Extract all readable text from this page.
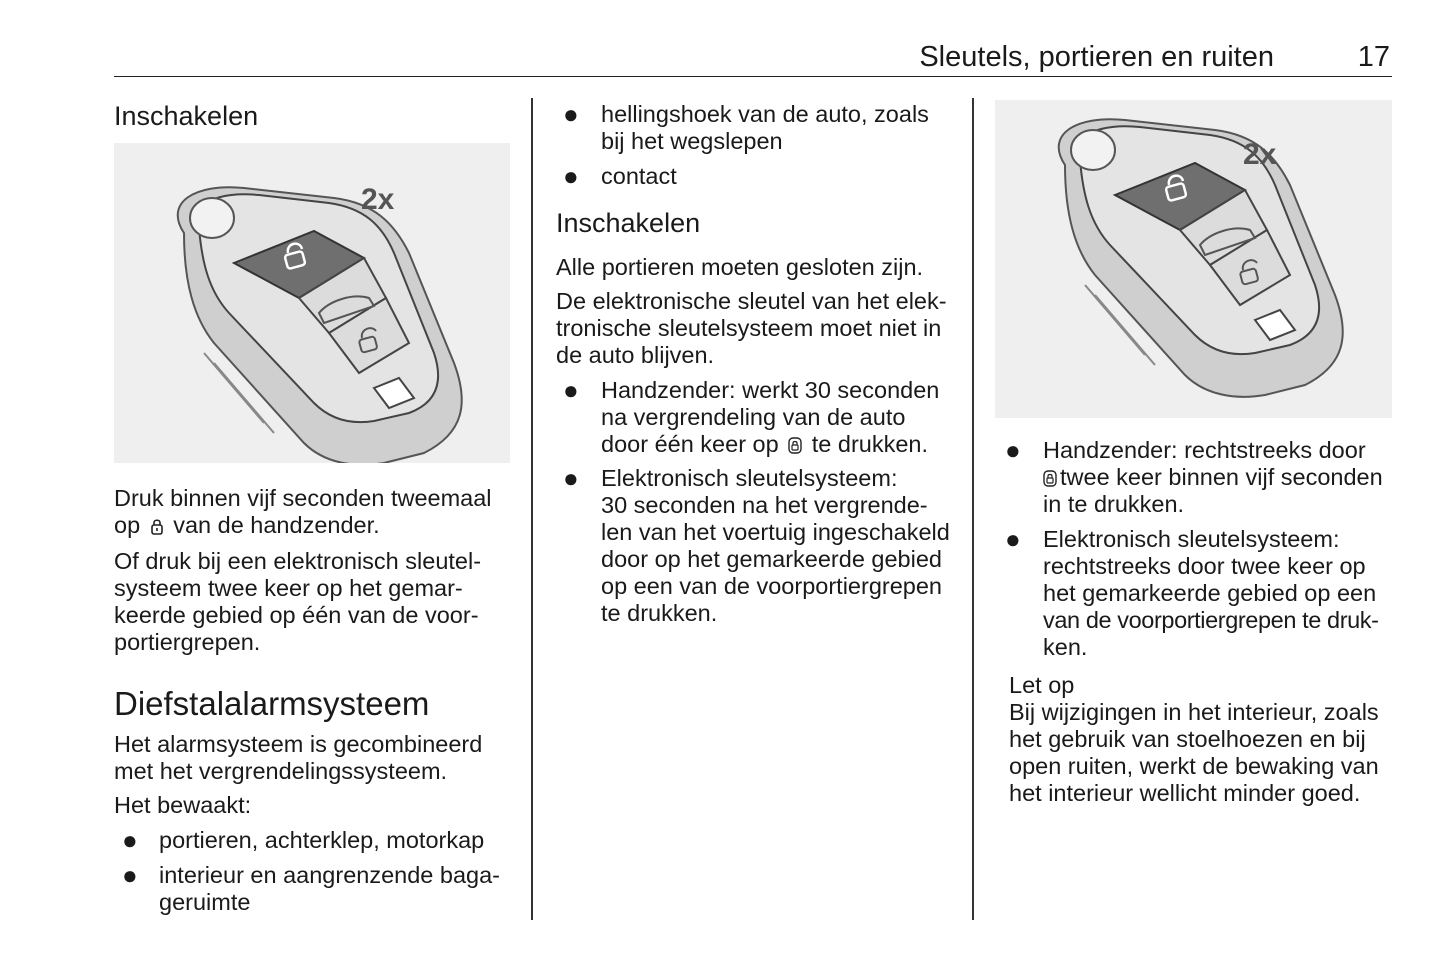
Sleutels, portieren en ruiten	17
Inschakelen
2x
Druk binnen vijf seconden tweemaal
op van de handzender.
Of druk bij een elektronisch sleutel-
systeem twee keer op het gemar-
keerde gebied op één van de voor-
portiergrepen.
Diefstalalarmsysteem
Het alarmsysteem is gecombineerd
met het vergrendelingssysteem.
Het bewaakt:
● portieren, achterklep, motorkap
● interieur en aangrenzende baga-
geruimte
● hellingshoek van de auto, zoals
bij het wegslepen
● contact
Inschakelen
Alle portieren moeten gesloten zijn.
De elektronische sleutel van het elek-
tronische sleutelsysteem moet niet in
de auto blijven.
● Handzender: werkt 30 seconden
na vergrendeling van de auto
door één keer op te drukken.
● Elektronisch sleutelsysteem:
30 seconden na het vergrende-
len van het voertuig ingeschakeld
door op het gemarkeerde gebied
op een van de voorportiergrepen
te drukken.
2x
● Handzender: rechtstreeks door
twee keer binnen vijf seconden
in te drukken.
● Elektronisch sleutelsysteem:
rechtstreeks door twee keer op
het gemarkeerde gebied op een
van de voorportiergrepen te druk-
ken.
Let op
Bij wijzigingen in het interieur, zoals
het gebruik van stoelhoezen en bij
open ruiten, werkt de bewaking van
het interieur wellicht minder goed.
